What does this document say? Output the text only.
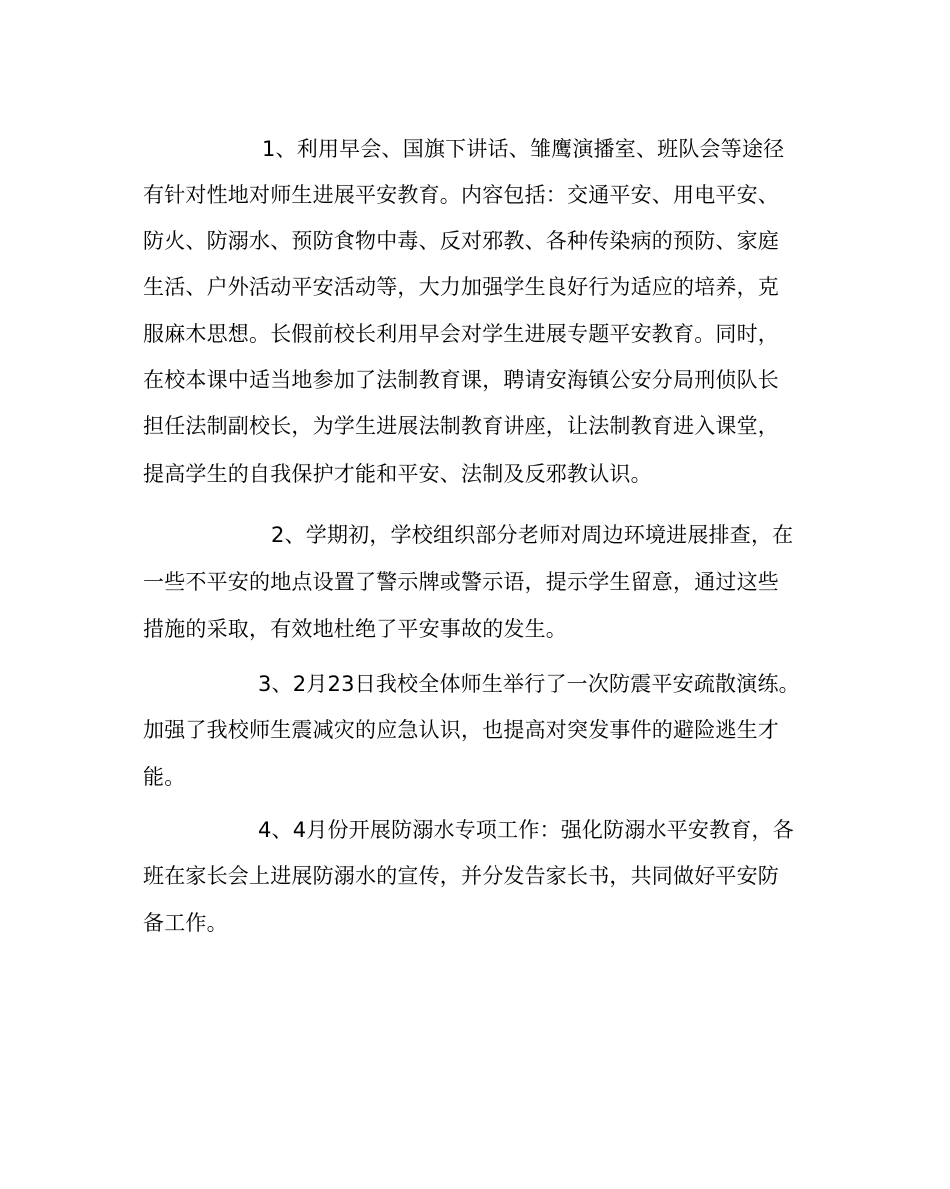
1、利用早会、国旗下讲话、雏鹰演播室、班队会等途径
有针对性地对师生进展平安教育。内容包括：交通平安、用电平安、
防火、防溺水、预防食物中毒、反对邪教、各种传染病的预防、家庭
生活、户外活动平安活动等，大力加强学生良好行为适应的培养，克
服麻木思想。长假前校长利用早会对学生进展专题平安教育。同时，
在校本课中适当地参加了法制教育课，聘请安海镇公安分局刑侦队长
担任法制副校长，为学生进展法制教育讲座，让法制教育进入课堂，
提高学生的自我保护才能和平安、法制及反邪教认识。
2、学期初，学校组织部分老师对周边环境进展排查，在
一些不平安的地点设置了警示牌或警示语，提示学生留意，通过这些
措施的采取，有效地杜绝了平安事故的发生。
3、2月23日我校全体师生举行了一次防震平安疏散演练。
加强了我校师生震减灾的应急认识，也提高对突发事件的避险逃生才
能。
4、4月份开展防溺水专项工作：强化防溺水平安教育，各
班在家长会上进展防溺水的宣传，并分发告家长书，共同做好平安防
备工作。
